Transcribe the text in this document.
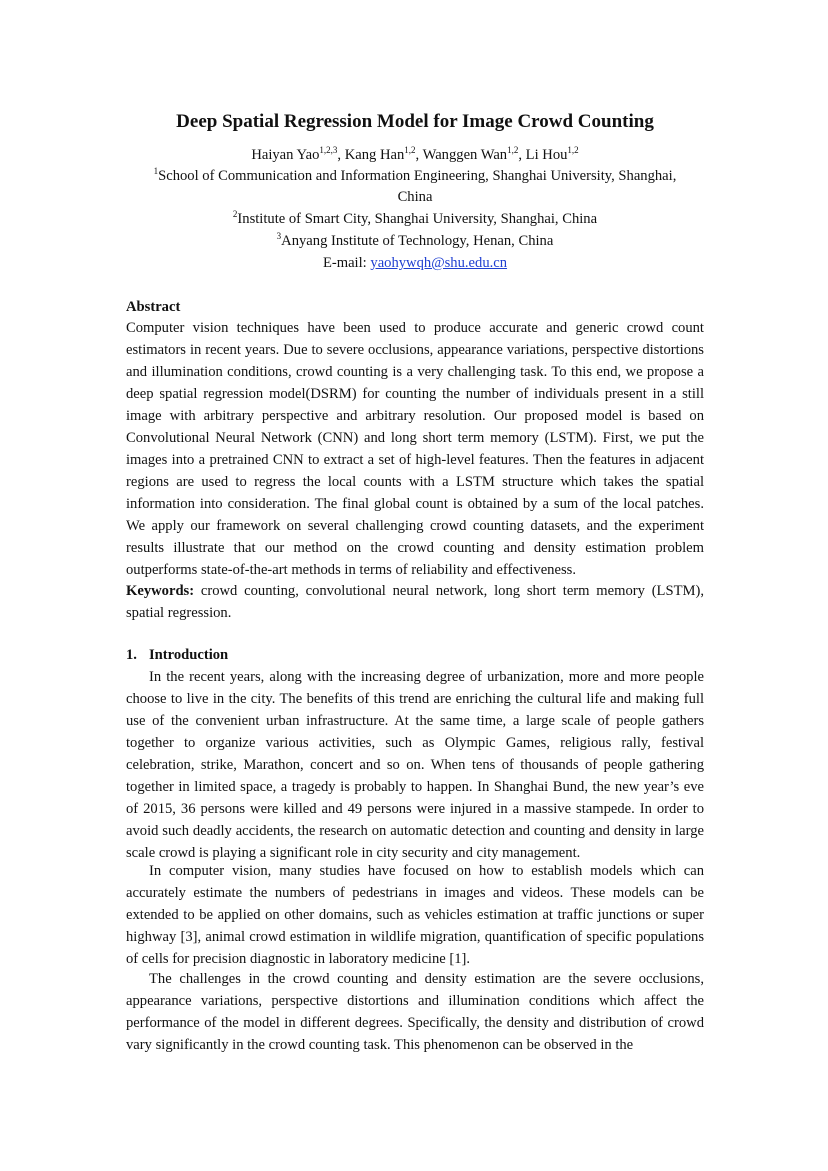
Deep Spatial Regression Model for Image Crowd Counting
Haiyan Yao$^{1,2,3}$, Kang Han$^{1,2}$, Wanggen Wan$^{1,2}$, Li Hou$^{1,2}$
$^1$School of Communication and Information Engineering, Shanghai University, Shanghai,
China
$^2$Institute of Smart City, Shanghai University, Shanghai, China
$^3$Anyang Institute of Technology, Henan, China
E-mail: yaohywqh@shu.edu.cn
Abstract

Computer vision techniques have been used to produce accurate and generic crowd count estimators in recent years. Due to severe occlusions, appearance variations, perspective distortions and illumination conditions, crowd counting is a very challenging task. To this end, we propose a deep spatial regression model(DSRM) for counting the number of individuals present in a still image with arbitrary perspective and arbitrary resolution. Our proposed model is based on Convolutional Neural Network (CNN) and long short term memory (LSTM). First, we put the images into a pretrained CNN to extract a set of high-level features. Then the features in adjacent regions are used to regress the local counts with a LSTM structure which takes the spatial information into consideration. The final global count is obtained by a sum of the local patches. We apply our framework on several challenging crowd counting datasets, and the experiment results illustrate that our method on the crowd counting and density estimation problem outperforms state-of-the-art methods in terms of reliability and effectiveness.

Keywords: crowd counting, convolutional neural network, long short term memory (LSTM), spatial regression.

1. Introduction

In the recent years, along with the increasing degree of urbanization, more and more people choose to live in the city. The benefits of this trend are enriching the cultural life and making full use of the convenient urban infrastructure. At the same time, a large scale of people gathers together to organize various activities, such as Olympic Games, religious rally, festival celebration, strike, Marathon, concert and so on. When tens of thousands of people gathering together in limited space, a tragedy is probably to happen. In Shanghai Bund, the new year’s eve of 2015, 36 persons were killed and 49 persons were injured in a massive stampede. In order to avoid such deadly accidents, the research on automatic detection and counting and density in large scale crowd is playing a significant role in city security and city management.

In computer vision, many studies have focused on how to establish models which can accurately estimate the numbers of pedestrians in images and videos. These models can be extended to be applied on other domains, such as vehicles estimation at traffic junctions or super highway [3], animal crowd estimation in wildlife migration, quantification of specific populations of cells for precision diagnostic in laboratory medicine [1].

The challenges in the crowd counting and density estimation are the severe occlusions, appearance variations, perspective distortions and illumination conditions which affect the performance of the model in different degrees. Specifically, the density and distribution of crowd vary significantly in the crowd counting task. This phenomenon can be observed in the
